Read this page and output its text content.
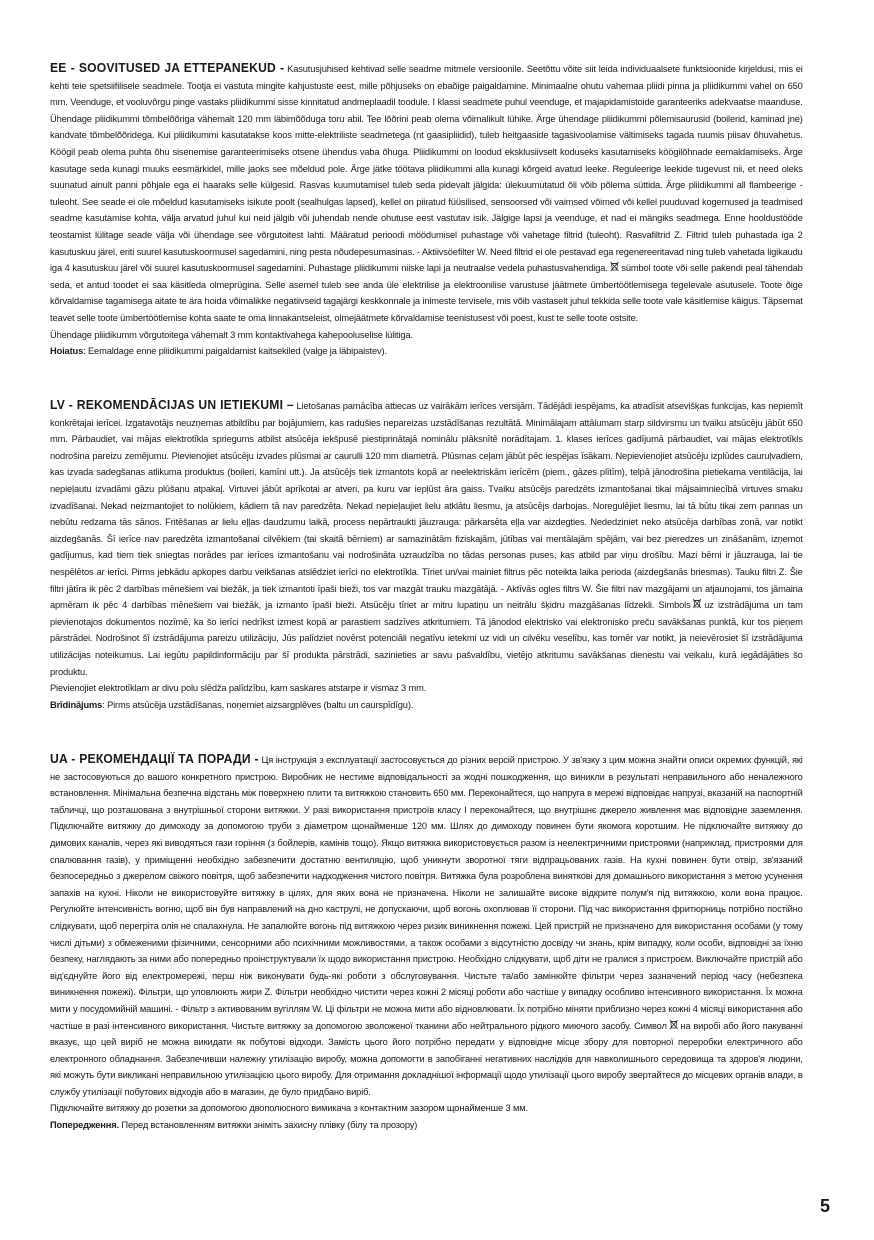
EE - SOOVITUSED JA ETTEPANEKUD - Kasutusjuhised kehtivad selle seadme mitmele versioonile. Seetõttu võite siit leida individuaalsete funktsioonide kirjeldusi, mis ei kehti teie spetsiifilisele seadmele. Tootja ei vastuta mingite kahjustuste eest, mille põhjuseks on ebaõige paigaldamine. Minimaalne ohutu vahemaa pliidi pinna ja pliidikummi vahel on 650 mm. Veenduge, et vooluvõrgu pinge vastaks pliidikummi sisse kinnitatud andmeplaadil toodule. I klassi seadmete puhul veenduge, et majapidamistoide garanteeriks adekvaatse maanduse. Ühendage pliidikummi tõmbelõõriga vähemalt 120 mm läbimõõduga toru abil. Tee lõõrini peab olema võimalikult lühike. Ärge ühendage pliidikummi põlemisaurusid (boilerid, kaminad jne) kandvate tõmbelõõridega. Kui pliidikummi kasutatakse koos mitte-elektriliste seadmetega (nt gaasipliidid), tuleb heitgaaside tagasivoolamise vältimiseks tagada ruumis piisav õhuvahetus. Köögil peab olema puhta õhu sisenemise garanteerimiseks otsene ühendus vaba õhuga. Pliidikummi on loodud eksklusiivselt koduseks kasutamiseks köögilõhnade eemaldamiseks. Ärge kasutage seda kunagi muuks eesmärkidel, mille jaoks see mõeldud pole. Ärge jätke töötava pliidikummi alla kunagi kõrgeid avatud leeke. Reguleerige leekide tugevust nii, et need oleks suunatud ainult panni põhjale ega ei haaraks selle külgesid. Rasvas kuumutamisel tuleb seda pidevalt jälgida: ülekuumutatud õli võib põlema süttida. Ärge pliidikummi all flambeerige - tuleoht. See seade ei ole mõeldud kasutamiseks isikute poolt (sealhulgas lapsed), kellel on piiratud füüsilised, sensoorsed või vaimsed võimed või kellel puuduvad kogemused ja teadmised seadme kasutamise kohta, välja arvatud juhul kui neid jälgib või juhendab nende ohutuse eest vastutav isik. Jälgige lapsi ja veenduge, et nad ei mängiks seadmega. Enne hooldustööde teostamist lülitage seade välja või ühendage see võrgutoitest lahti. Määratud perioodi möödumisel puhastage või vahetage filtrid (tuleoht). Rasvafiltrid Z. Filtrid tuleb puhastada iga 2 kasutuskuu järel, eriti suurel kasutuskoormusel sagedamini, ning pesta nõudepesumasinas. - Aktiivsöefilter W. Need filtrid ei ole pestavad ega regenereeritavad ning tuleb vahetada ligikaudu iga 4 kasutuskuu järel või suurel kasutuskoormusel sagedamini. Puhastage pliidikummi niiske lapi ja neutraalse vedela puhastusvahendiga. sümbol toote või selle pakendi peal tähendab seda, et antud toodet ei saa käsitleda olmeprügina. Selle asemel tuleb see anda üle elektrilise ja elektroonilise varustuse jäätmete ümbertöötlemisega tegelevale asutusele. Toote õige kõrvaldamise tagamisega aitate te ära hoida võimalikke negatiivseid tagajärgi keskkonnale ja inimeste tervisele, mis võib vastaselt juhul tekkida selle toote vale käsitlemise käigus. Täpsemat teavet selle toote ümbertöötlemise kohta saate te oma linnakantseleist, olmejäätmete kõrvaldamise teenistusest või poest, kust te selle toote ostsite.

Ühendage pliidikumm võrgutoitega vähemalt 3 mm kontaktivahega kahepooluselise lülitiga.

Hoiatus: Eemaldage enne pliidikummi paigaldamist kaitsekiled (valge ja läbipaistev).

LV - REKOMENDĀCIJAS UN IETIEKUMI – Lietošanas pamācība attiecas uz vairākām ierīces versijām. Tādējādi iespējams, ka atradīsit atsevišķas funkcijas, kas nepiemīt konkrētajai ierīcei. Izgatavotājs neuzņemas atbildību par bojājumiem, kas radušies nepareizas uzstādīšanas rezultātā. Minimālajam attālumam starp sildvirsmu un tvaiku atsūcēju jābūt 650 mm. Pārbaudiet, vai mājas elektrotīkla spriegums atbilst atsūcēja iekšpusē piestiprinātajā nominālu plāksnītē norādītajam. 1. klases ierīces gadījumā pārbaudiet, vai mājas elektrotīkls nodrošina pareizu zemējumu. Pievienojiet atsūcēju izvades plūsmai ar caurulli 120 mm diametrā. Plūsmas ceļam jābūt pēc iespējas īsākam. Nepievienojiet atsūcēju izplūdes cauruļvadiem, kas izvada sadegšanas atlikuma produktus (boileri, kamīni utt.). Ja atsūcējs tiek izmantots kopā ar neelektriskām ierīcēm (piem., gāzes plītīm), telpā jānodrošina pietiekama ventilācija, lai nepieļautu izvadāmi gāzu plūšanu atpakaļ. Virtuvei jābūt aprīkotai ar atveri, pa kuru var iepļūst āra gaiss. Tvaiku atsūcējs paredzēts izmantošanai tikai mājsaimniecībā virtuves smaku izvadīšanai. Nekad neizmantojiet to nolūkiem, kādiem tā nav paredzēta. Nekad nepieļaujiet lielu atklātu liesmu, ja atsūcējs darbojas. Noregulējiet liesmu, lai tā būtu tikai zem pannas un nebūtu redzama tās sānos. Fritēšanas ar lielu eļļas daudzumu laikā, process nepārtraukti jāuzrauga: pārkarsēta eļļa var aizdegties. Nededziniet neko atsūcēja darbības zonā, var notikt aizdegšanās. Šī ierīce nav paredzēta izmantošanai cilvēkiem (tai skaitā bērniem) ar samazinātām fiziskajām, jūtības vai mentālajām spējām, vai bez pieredzes un zināšanām, izņemot gadījumus, kad tiem tiek sniegtas norādes par ierīces izmantošanu vai nodrošināta uzraudzība no tādas personas puses, kas atbild par viņu drošību. Mazi bērni ir jāuzrauga, lai tie nespēlētos ar ierīci. Pirms jebkādu apkopes darbu veikšanas atslēdziet ierīci no elektrotīkla. Tīriet un/vai mainiet filtrus pēc noteikta laika perioda (aizdegšanās briesmas). Tauku filtri Z. Šie filtri jātīra ik pēc 2 darbības mēnešiem vai biežāk, ja tiek izmantoti īpaši bieži, tos var mazgāt trauku mazgātājā. - Aktīvās ogles filtrs W. Šie filtri nav mazgājami un atjaunojami, tos jāmaina apmēram ik pēc 4 darbības mēnešiem vai biežāk, ja izmanto īpaši bieži. Atsūcēju tīriet ar mitru lupatiņu un neitrālu šķidru mazgāšanas līdzekli. Simbols uz izstrādājuma un tam pievienotajos dokumentos nozīmē, ka šo ierīci nedrīkst izmest kopā ar parastiem sadzīves atkritumiem. Tā jānodod elektrisko vai elektronisko preču savākšanas punktā, kur tos pieņem pārstrādei. Nodrošinot šī izstrādājuma pareizu utilizāciju, Jūs palīdziet novērst potenciāli negatīvu ietekmi uz vidi un cilvēku veselību, kas tomēr var notikt, ja neievērosiet šī izstrādājuma utilizācijas noteikumus. Lai iegūtu papildinformāciju par šī produkta pārstrādi, sazinieties ar savu pašvaldību, vietējo atkritumu savākšanas dienestu vai veikalu, kurā iegādājāties šo produktu.

Pievienojiet elektrotīklam ar divu polu slēdža palīdzību, kam saskares atstarpe ir vismaz 3 mm.

Brīdinājums: Pirms atsūcēja uzstādīšanas, noņemiet aizsargplēves (baltu un caurspīdīgu).

UA - РЕКОМЕНДАЦІЇ ТА ПОРАДИ - Ця інструкція з експлуатації застосовується до різних версій пристрою. У зв'язку з цим можна знайти описи окремих функцій, які не застосовуються до вашого конкретного пристрою. Виробник не нестиме відповідальності за жодні пошкодження, що виникли в результаті неправильного або неналежного встановлення. Мінімальна безпечна відстань між поверхнею плити та витяжкою становить 650 мм. Переконайтеся, що напруга в мережі відповідає напрузі, вказаній на паспортній табличці, що розташована з внутрішньої сторони витяжки. У разі використання пристроїв класу I переконайтеся, що внутрішнє джерело живлення має відповідне заземлення. Підключайте витяжку до димоходу за допомогою труби з діаметром щонайменше 120 мм. Шлях до димоходу повинен бути якомога коротшим. Не підключайте витяжку до димових каналів, через які виводяться гази горіння (з бойлерів, камінів тощо). Якщо витяжка використовується разом із неелектричними пристроями (наприклад, пристроями для спалювання газів), у приміщенні необхідно забезпечити достатню вентиляцію, щоб уникнути зворотної тяги відпрацьованих газів. На кухні повинен бути отвір, зв'язаний безпосередньо з джерелом свіжого повітря, щоб забезпечити надходження чистого повітря. Витяжка була розроблена виняткові для домашнього використання з метою усунення запахів на кухні. Ніколи не використовуйте витяжку в цілях, для яких вона не призначена. Ніколи не залишайте високе відкрите полум'я під витяжкою, коли вона працює. Регулюйте інтенсивність вогню, щоб він був направлений на дно каструлі, не допускаючи, щоб вогонь охоплював її сторони. Під час використання фритюрниць потрібно постійно слідкувати, щоб перегріта олія не спалахнула. Не запалюйте вогонь під витяжкою через ризик виникнення пожежі. Цей пристрій не призначено для використання особами (у тому числі дітьми) з обмеженими фізичними, сенсорними або психічними можливостями, а також особами з відсутністю досвіду чи знань, крім випадку, коли особи, відповідні за їхню безпеку, наглядають за ними або попередньо проінструктували їх щодо використання пристрою. Необхідно слідкувати, щоб діти не гралися з пристроєм. Виключайте пристрій або від'єднуйте його від електромережі, перш ніж виконувати будь-які роботи з обслуговування. Чистьте та/або замінюйте фільтри через зазначений період часу (небезпека виникнення пожежі). Фільтри, що уловлюють жири Z. Фільтри необхідно чистити через кожні 2 місяці роботи або частіше у випадку особливо інтенсивного використання. Їх можна мити у посудомийній машині. - Фільтр з активованим вугіллям W. Ці фільтри не можна мити або відновлювати. Їх потрібно міняти приблизно через кожні 4 місяці використання або частіше в разі інтенсивного використання. Чистьте витяжку за допомогою зволоженої тканини або нейтрального рідкого миючого засобу. Символ на виробі або його пакуванні вказує, що цей виріб не можна викидати як побутові відходи. Замість цього його потрібно передати у відповідне місце збору для повторної переробки електричного або електронного обладнання. Забезпечивши належну утилізацію виробу, можна допомогти в запобіганні негативних наслідків для навколишнього середовища та здоров'я людини, які можуть бути викликані неправильною утилізацією цього виробу. Для отримання докладнішої інформації щодо утилізації цього виробу звертайтеся до місцевих органів влади, в службу утилізації побутових відходів або в магазин, де було придбано виріб.

Підключайте витяжку до розетки за допомогою двополюсного вимикача з контактним зазором щонайменше 3 мм.

Попередження. Перед встановленням витяжки зніміть захисну плівку (білу та прозору)

5
